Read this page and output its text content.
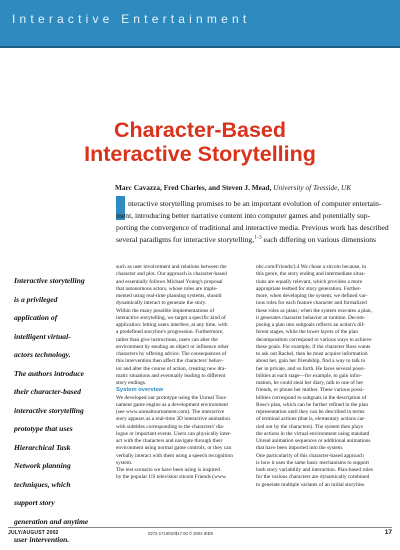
Interactive Entertainment
Character-Based
Interactive Storytelling
Marc Cavazza, Fred Charles, and Steven J. Mead, University of Teesside, UK
nteractive storytelling promises to be an important evolution of computer entertain-
ment, introducing better narrative content into computer games and potentially sup-
porting the convergence of traditional and interactive media. Previous work has described
several paradigms for interactive storytelling,$^{1-3}$ each differing on various dimensions
Interactive storytelling
is a privileged
application of
intelligent virtual-
actors technology.
The authors introduce
their character-based
interactive storytelling
prototype that uses
Hierarchical Task
Network planning
techniques, which
support story
generation and anytime
user intervention.
such as user involvement and relations between the
character and plot. Our approach is character-based
and essentially follows Michael Young's proposal
that autonomous actors, whose roles are imple-
mented using real-time planning systems, should
dynamically interact to generate the story.
Within the many possible implementations of
interactive storytelling, we target a specific kind of
application: letting users interfere, at any time, with
a predefined storyline's progression. Furthermore,
rather than give instructions, users can alter the
environment by stealing an object or influence other
characters by offering advice. The consequences of
this intervention then affect the characters' behav-
ior and alter the course of action, creating new dra-
matic situations and eventually leading to different
story endings.
System overview
We developed our prototype using the Unreal Tour-
nament game engine as a development environment
(see www.unrealtournament.com). The interactive
story appears as a real-time 3D interactive animation
with subtitles corresponding to the characters' dia-
logue or important events. Users can physically inter-
act with the characters and navigate through their
environment using normal game controls, or they can
verbally interact with them using a speech recognition
system.
The test scenario we have been using is inspired
by the popular US television sitcom Friends (www.
nbc.com/Friends/).4 We chose a sitcom because, in
this genre, the story ending and intermediate situa-
tions are equally relevant, which provides a more
appropriate testbed for story generation. Further-
more, when developing the system, we defined var-
ious roles for each feature character and formalized
these roles as plans; when the system executes a plan,
it generates character behavior at runtime. Decom-
posing a plan into subgoals reflects an action's dif-
ferent stages, while the lower layers of the plan
decomposition correspond to various ways to achieve
these goals. For example, if the character Ross wants
to ask out Rachel, then he must acquire information
about her, gain her friendship, find a way to talk to
her in private, and so forth. He faces several possi-
bilities at each stage—for example, to gain infor-
mation, he could steal her diary, talk to one of her
friends, or phone her mother. These various possi-
bilities correspond to subgoals in the description of
Ross's plan, which can be further refined in the plan
representation until they can be described in terms
of terminal actions (that is, elementary actions car-
ried out by the characters). The system then plays
the actions in the virtual environment using standard
Unreal animation sequences or additional animations
that have been imported into the system.
One particularity of this character-based approach
is how it uses the same basic mechanisms to support
both story variability and interaction. Plan-based roles
for the various characters are dynamically combined
to generate multiple variants of an initial storyline.
JULY/AUGUST 2002	0272-1716/02/$17.00 © 2002 IEEE	17
